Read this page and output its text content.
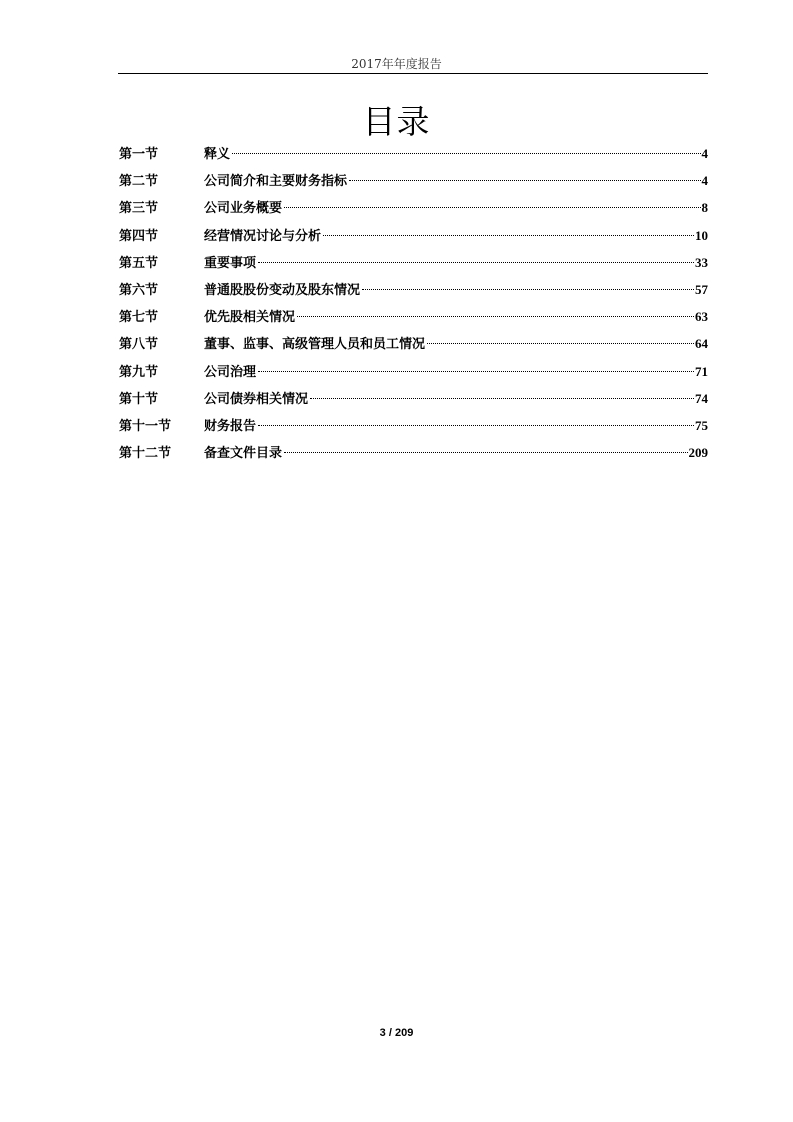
2017年年度报告
目录
第一节	释义	4
第二节	公司简介和主要财务指标	4
第三节	公司业务概要	8
第四节	经营情况讨论与分析	10
第五节	重要事项	33
第六节	普通股股份变动及股东情况	57
第七节	优先股相关情况	63
第八节	董事、监事、高级管理人员和员工情况	64
第九节	公司治理	71
第十节	公司债券相关情况	74
第十一节	财务报告	75
第十二节	备查文件目录	209
3 / 209
